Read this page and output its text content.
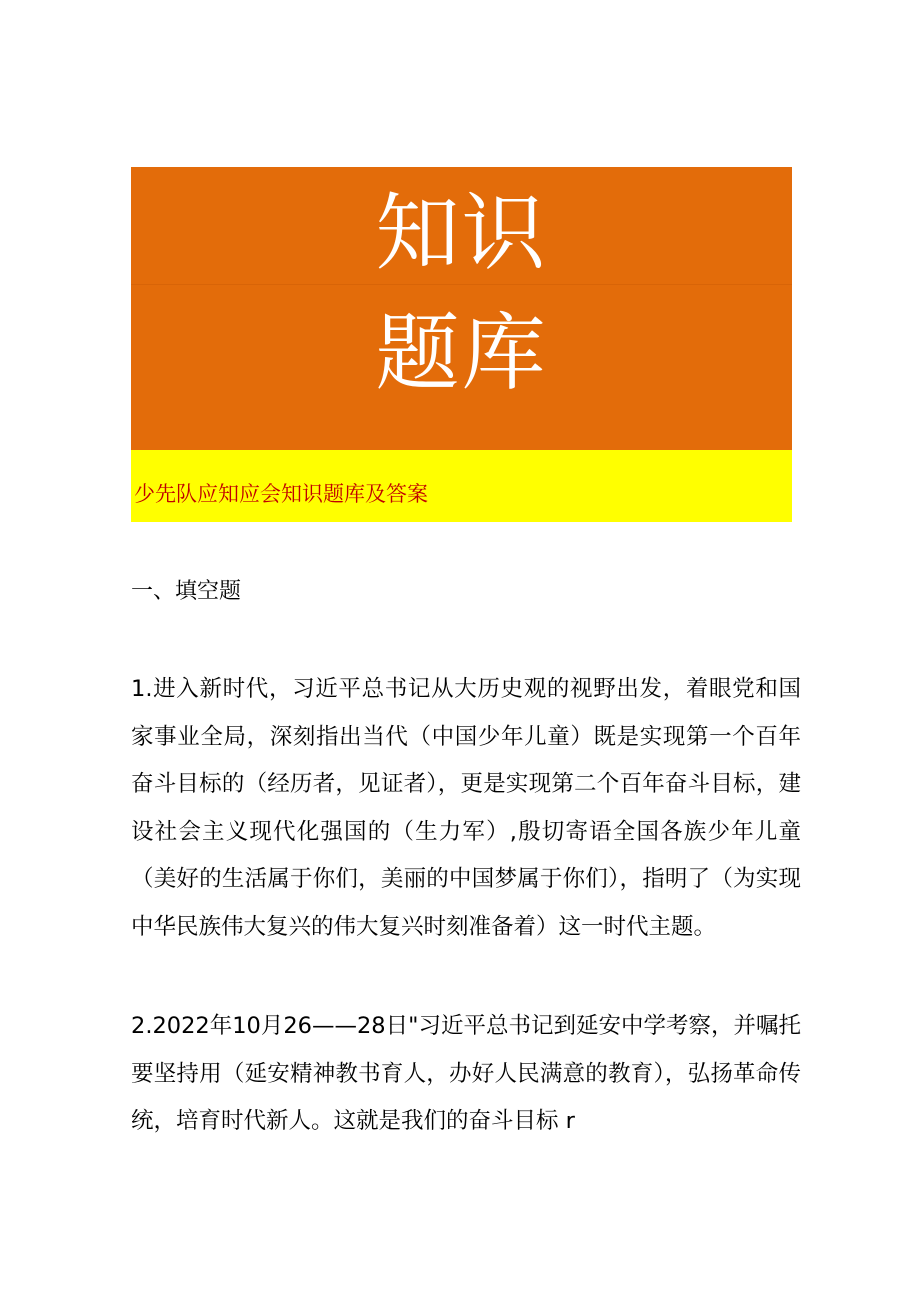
知识
题库
少先队应知应会知识题库及答案
一、填空题
1.进入新时代，习近平总书记从大历史观的视野出发，着眼党和国家事业全局，深刻指出当代（中国少年儿童）既是实现第一个百年奋斗目标的（经历者，见证者），更是实现第二个百年奋斗目标，建设社会主义现代化强国的（生力军）,殷切寄语全国各族少年儿童（美好的生活属于你们，美丽的中国梦属于你们），指明了（为实现中华民族伟大复兴的伟大复兴时刻准备着）这一时代主题。
2.2022年10月26——28日"习近平总书记到延安中学考察，并嘱托要坚持用（延安精神教书育人，办好人民满意的教育），弘扬革命传统，培育时代新人。这就是我们的奋斗目标 r
